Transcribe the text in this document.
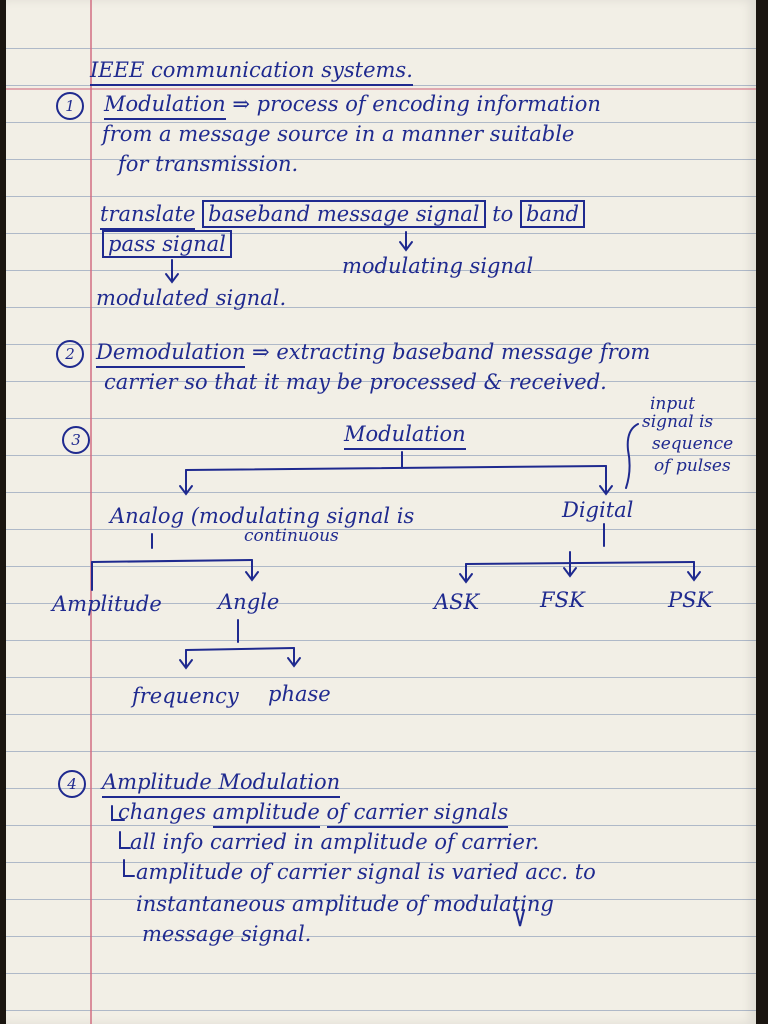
IEEE communication systems.
1	Modulation ⇒ process of encoding information
from a message source in a manner suitable
for transmission.
translate baseband message signal to band
pass signal
modulating signal
modulated signal.
2	Demodulation ⇒ extracting baseband message from
carrier so that it may be processed & received.
3	Modulation
input
signal is
sequence
of pulses
Analog (modulating signal is
continuous
Digital
Amplitude	Angle	ASK	FSK	PSK
frequency phase
4	Amplitude Modulation
changes amplitude of carrier signals
all info carried in amplitude of carrier.
amplitude of carrier signal is varied acc. to
instantaneous amplitude of modulating
message signal.
